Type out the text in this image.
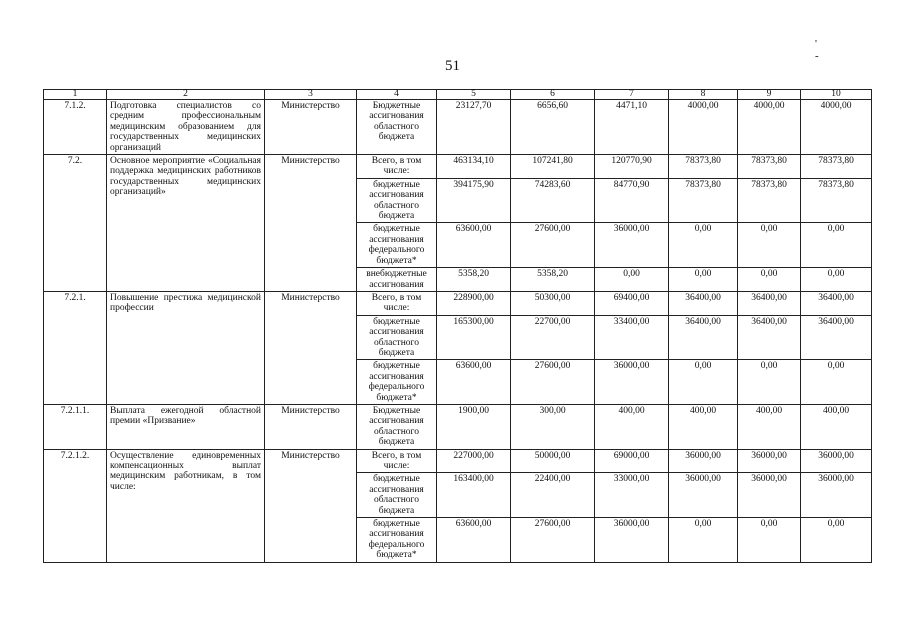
51
' -
1	2	3	4	5	6	7	8	9	10
7.1.2.	Подготовка специалистов со средним профессиональным медицинским образованием для государственных медицинских организаций	Министерство	Бюджетные ассигнования областного бюджета	23127,70	6656,60	4471,10	4000,00	4000,00	4000,00
7.2.	Основное мероприятие «Социальная поддержка медицинских работников государственных медицинских организаций»	Министерство	Всего, в том числе:	463134,10	107241,80	120770,90	78373,80	78373,80	78373,80
			бюджетные ассигнования областного бюджета	394175,90	74283,60	84770,90	78373,80	78373,80	78373,80
			бюджетные ассигнования федерального бюджета*	63600,00	27600,00	36000,00	0,00	0,00	0,00
			внебюджетные ассигнования	5358,20	5358,20	0,00	0,00	0,00	0,00
7.2.1.	Повышение престижа медицинской профессии	Министерство	Всего, в том числе:	228900,00	50300,00	69400,00	36400,00	36400,00	36400,00
			бюджетные ассигнования областного бюджета	165300,00	22700,00	33400,00	36400,00	36400,00	36400,00
			бюджетные ассигнования федерального бюджета*	63600,00	27600,00	36000,00	0,00	0,00	0,00
7.2.1.1.	Выплата ежегодной областной премии «Призвание»	Министерство	Бюджетные ассигнования областного бюджета	1900,00	300,00	400,00	400,00	400,00	400,00
7.2.1.2.	Осуществление единовременных компенсационных выплат медицинским работникам, в том числе:	Министерство	Всего, в том числе:	227000,00	50000,00	69000,00	36000,00	36000,00	36000,00
			бюджетные ассигнования областного бюджета	163400,00	22400,00	33000,00	36000,00	36000,00	36000,00
			бюджетные ассигнования федерального бюджета*	63600,00	27600,00	36000,00	0,00	0,00	0,00
